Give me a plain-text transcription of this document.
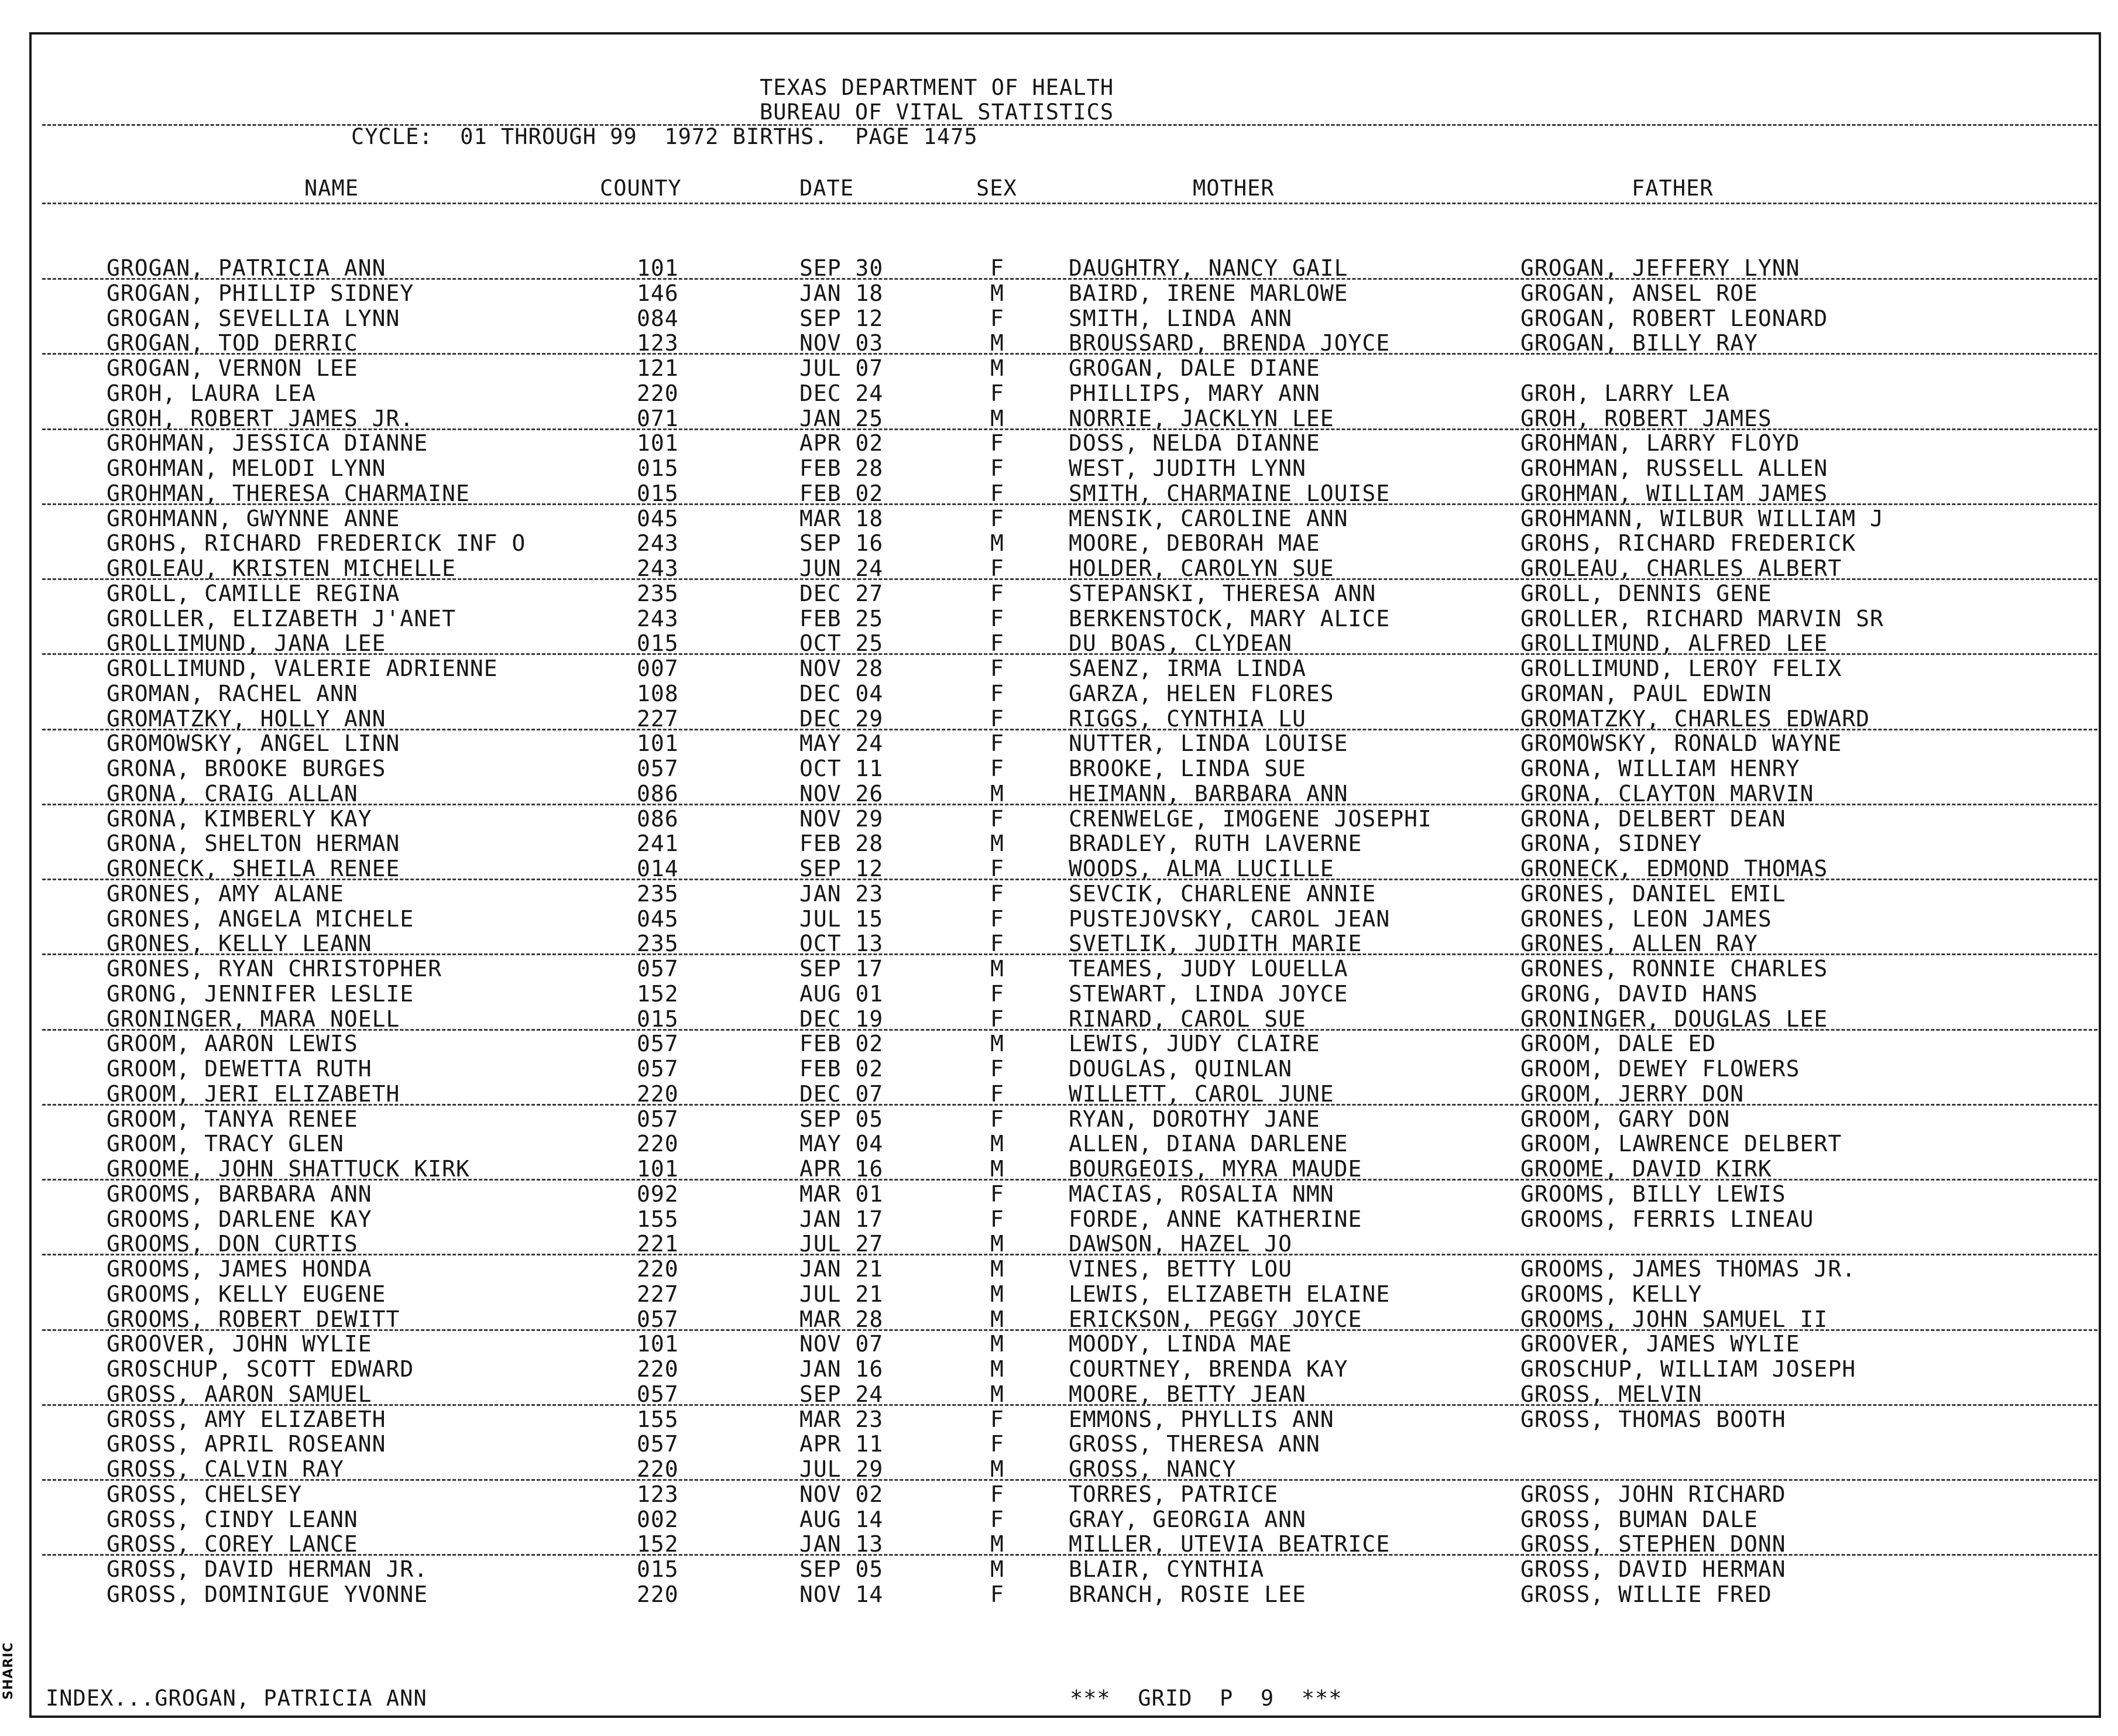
SHARIC
TEXAS DEPARTMENT OF HEALTH
BUREAU OF VITAL STATISTICS
CYCLE:  01 THROUGH 99  1972 BIRTHS.  PAGE 1475
NAME	COUNTY	DATE	SEX	MOTHER	FATHER
GROGAN, PATRICIA ANN	101	SEP 30	F	DAUGHTRY, NANCY GAIL	GROGAN, JEFFERY LYNN
GROGAN, PHILLIP SIDNEY	146	JAN 18	M	BAIRD, IRENE MARLOWE	GROGAN, ANSEL ROE
GROGAN, SEVELLIA LYNN	084	SEP 12	F	SMITH, LINDA ANN	GROGAN, ROBERT LEONARD
GROGAN, TOD DERRIC	123	NOV 03	M	BROUSSARD, BRENDA JOYCE	GROGAN, BILLY RAY
GROGAN, VERNON LEE	121	JUL 07	M	GROGAN, DALE DIANE
GROH, LAURA LEA	220	DEC 24	F	PHILLIPS, MARY ANN	GROH, LARRY LEA
GROH, ROBERT JAMES JR.	071	JAN 25	M	NORRIE, JACKLYN LEE	GROH, ROBERT JAMES
GROHMAN, JESSICA DIANNE	101	APR 02	F	DOSS, NELDA DIANNE	GROHMAN, LARRY FLOYD
GROHMAN, MELODI LYNN	015	FEB 28	F	WEST, JUDITH LYNN	GROHMAN, RUSSELL ALLEN
GROHMAN, THERESA CHARMAINE	015	FEB 02	F	SMITH, CHARMAINE LOUISE	GROHMAN, WILLIAM JAMES
GROHMANN, GWYNNE ANNE	045	MAR 18	F	MENSIK, CAROLINE ANN	GROHMANN, WILBUR WILLIAM J
GROHS, RICHARD FREDERICK INF O	243	SEP 16	M	MOORE, DEBORAH MAE	GROHS, RICHARD FREDERICK
GROLEAU, KRISTEN MICHELLE	243	JUN 24	F	HOLDER, CAROLYN SUE	GROLEAU, CHARLES ALBERT
GROLL, CAMILLE REGINA	235	DEC 27	F	STEPANSKI, THERESA ANN	GROLL, DENNIS GENE
GROLLER, ELIZABETH J'ANET	243	FEB 25	F	BERKENSTOCK, MARY ALICE	GROLLER, RICHARD MARVIN SR
GROLLIMUND, JANA LEE	015	OCT 25	F	DU BOAS, CLYDEAN	GROLLIMUND, ALFRED LEE
GROLLIMUND, VALERIE ADRIENNE	007	NOV 28	F	SAENZ, IRMA LINDA	GROLLIMUND, LEROY FELIX
GROMAN, RACHEL ANN	108	DEC 04	F	GARZA, HELEN FLORES	GROMAN, PAUL EDWIN
GROMATZKY, HOLLY ANN	227	DEC 29	F	RIGGS, CYNTHIA LU	GROMATZKY, CHARLES EDWARD
GROMOWSKY, ANGEL LINN	101	MAY 24	F	NUTTER, LINDA LOUISE	GROMOWSKY, RONALD WAYNE
GRONA, BROOKE BURGES	057	OCT 11	F	BROOKE, LINDA SUE	GRONA, WILLIAM HENRY
GRONA, CRAIG ALLAN	086	NOV 26	M	HEIMANN, BARBARA ANN	GRONA, CLAYTON MARVIN
GRONA, KIMBERLY KAY	086	NOV 29	F	CRENWELGE, IMOGENE JOSEPHI	GRONA, DELBERT DEAN
GRONA, SHELTON HERMAN	241	FEB 28	M	BRADLEY, RUTH LAVERNE	GRONA, SIDNEY
GRONECK, SHEILA RENEE	014	SEP 12	F	WOODS, ALMA LUCILLE	GRONECK, EDMOND THOMAS
GRONES, AMY ALANE	235	JAN 23	F	SEVCIK, CHARLENE ANNIE	GRONES, DANIEL EMIL
GRONES, ANGELA MICHELE	045	JUL 15	F	PUSTEJOVSKY, CAROL JEAN	GRONES, LEON JAMES
GRONES, KELLY LEANN	235	OCT 13	F	SVETLIK, JUDITH MARIE	GRONES, ALLEN RAY
GRONES, RYAN CHRISTOPHER	057	SEP 17	M	TEAMES, JUDY LOUELLA	GRONES, RONNIE CHARLES
GRONG, JENNIFER LESLIE	152	AUG 01	F	STEWART, LINDA JOYCE	GRONG, DAVID HANS
GRONINGER, MARA NOELL	015	DEC 19	F	RINARD, CAROL SUE	GRONINGER, DOUGLAS LEE
GROOM, AARON LEWIS	057	FEB 02	M	LEWIS, JUDY CLAIRE	GROOM, DALE ED
GROOM, DEWETTA RUTH	057	FEB 02	F	DOUGLAS, QUINLAN	GROOM, DEWEY FLOWERS
GROOM, JERI ELIZABETH	220	DEC 07	F	WILLETT, CAROL JUNE	GROOM, JERRY DON
GROOM, TANYA RENEE	057	SEP 05	F	RYAN, DOROTHY JANE	GROOM, GARY DON
GROOM, TRACY GLEN	220	MAY 04	M	ALLEN, DIANA DARLENE	GROOM, LAWRENCE DELBERT
GROOME, JOHN SHATTUCK KIRK	101	APR 16	M	BOURGEOIS, MYRA MAUDE	GROOME, DAVID KIRK
GROOMS, BARBARA ANN	092	MAR 01	F	MACIAS, ROSALIA NMN	GROOMS, BILLY LEWIS
GROOMS, DARLENE KAY	155	JAN 17	F	FORDE, ANNE KATHERINE	GROOMS, FERRIS LINEAU
GROOMS, DON CURTIS	221	JUL 27	M	DAWSON, HAZEL JO
GROOMS, JAMES HONDA	220	JAN 21	M	VINES, BETTY LOU	GROOMS, JAMES THOMAS JR.
GROOMS, KELLY EUGENE	227	JUL 21	M	LEWIS, ELIZABETH ELAINE	GROOMS, KELLY
GROOMS, ROBERT DEWITT	057	MAR 28	M	ERICKSON, PEGGY JOYCE	GROOMS, JOHN SAMUEL II
GROOVER, JOHN WYLIE	101	NOV 07	M	MOODY, LINDA MAE	GROOVER, JAMES WYLIE
GROSCHUP, SCOTT EDWARD	220	JAN 16	M	COURTNEY, BRENDA KAY	GROSCHUP, WILLIAM JOSEPH
GROSS, AARON SAMUEL	057	SEP 24	M	MOORE, BETTY JEAN	GROSS, MELVIN
GROSS, AMY ELIZABETH	155	MAR 23	F	EMMONS, PHYLLIS ANN	GROSS, THOMAS BOOTH
GROSS, APRIL ROSEANN	057	APR 11	F	GROSS, THERESA ANN
GROSS, CALVIN RAY	220	JUL 29	M	GROSS, NANCY
GROSS, CHELSEY	123	NOV 02	F	TORRES, PATRICE	GROSS, JOHN RICHARD
GROSS, CINDY LEANN	002	AUG 14	F	GRAY, GEORGIA ANN	GROSS, BUMAN DALE
GROSS, COREY LANCE	152	JAN 13	M	MILLER, UTEVIA BEATRICE	GROSS, STEPHEN DONN
GROSS, DAVID HERMAN JR.	015	SEP 05	M	BLAIR, CYNTHIA	GROSS, DAVID HERMAN
GROSS, DOMINIGUE YVONNE	220	NOV 14	F	BRANCH, ROSIE LEE	GROSS, WILLIE FRED
INDEX...GROGAN, PATRICIA ANN	***  GRID  P  9  ***
